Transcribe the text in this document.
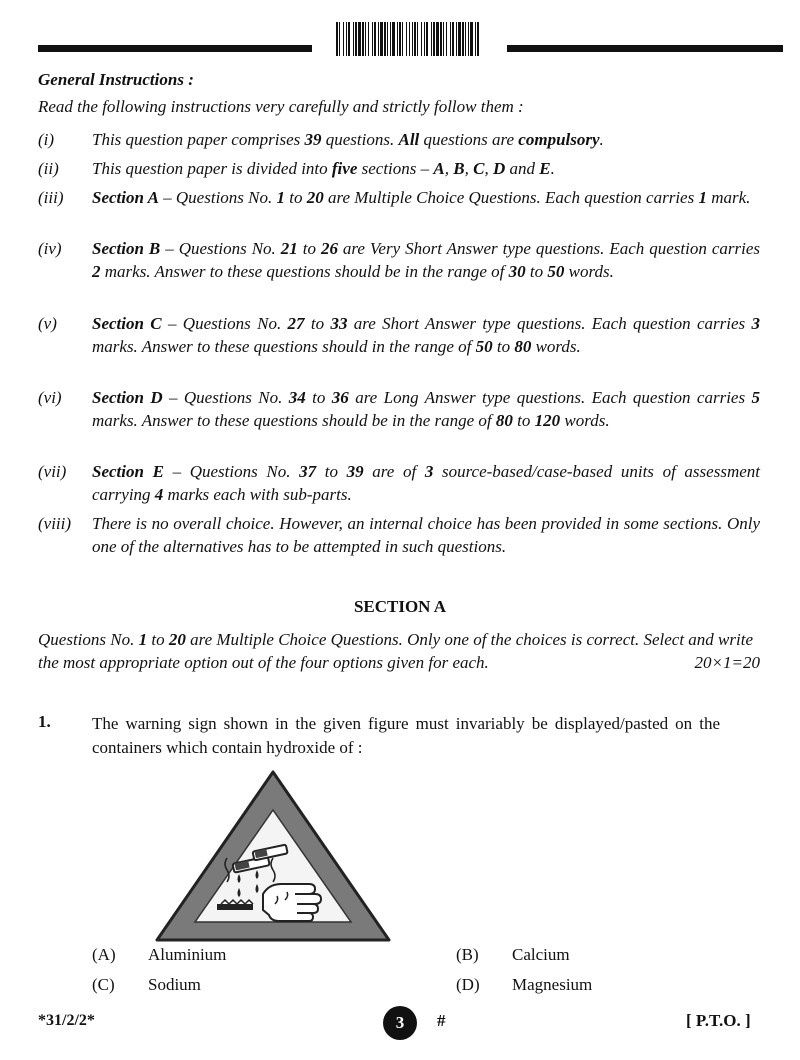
General Instructions :
Read the following instructions very carefully and strictly follow them :
(i)	This question paper comprises 39 questions. All questions are compulsory.
(ii)	This question paper is divided into five sections – A, B, C, D and E.
(iii)	Section A – Questions No. 1 to 20 are Multiple Choice Questions. Each question carries 1 mark.
(iv)	Section B – Questions No. 21 to 26 are Very Short Answer type questions. Each question carries 2 marks. Answer to these questions should be in the range of 30 to 50 words.
(v)	Section C – Questions No. 27 to 33 are Short Answer type questions. Each question carries 3 marks. Answer to these questions should in the range of 50 to 80 words.
(vi)	Section D – Questions No. 34 to 36 are Long Answer type questions. Each question carries 5 marks. Answer to these questions should be in the range of 80 to 120 words.
(vii)	Section E – Questions No. 37 to 39 are of 3 source-based/case-based units of assessment carrying 4 marks each with sub-parts.
(viii)	There is no overall choice. However, an internal choice has been provided in some sections. Only one of the alternatives has to be attempted in such questions.
SECTION A
Questions No. 1 to 20 are Multiple Choice Questions. Only one of the choices is correct. Select and write the most appropriate option out of the four options given for each.	20×1=20
1. The warning sign shown in the given figure must invariably be displayed/pasted on the containers which contain hydroxide of :
(A) Aluminium	(B) Calcium
(C) Sodium	(D) Magnesium
*31/2/2*	3	#	[ P.T.O. ]
